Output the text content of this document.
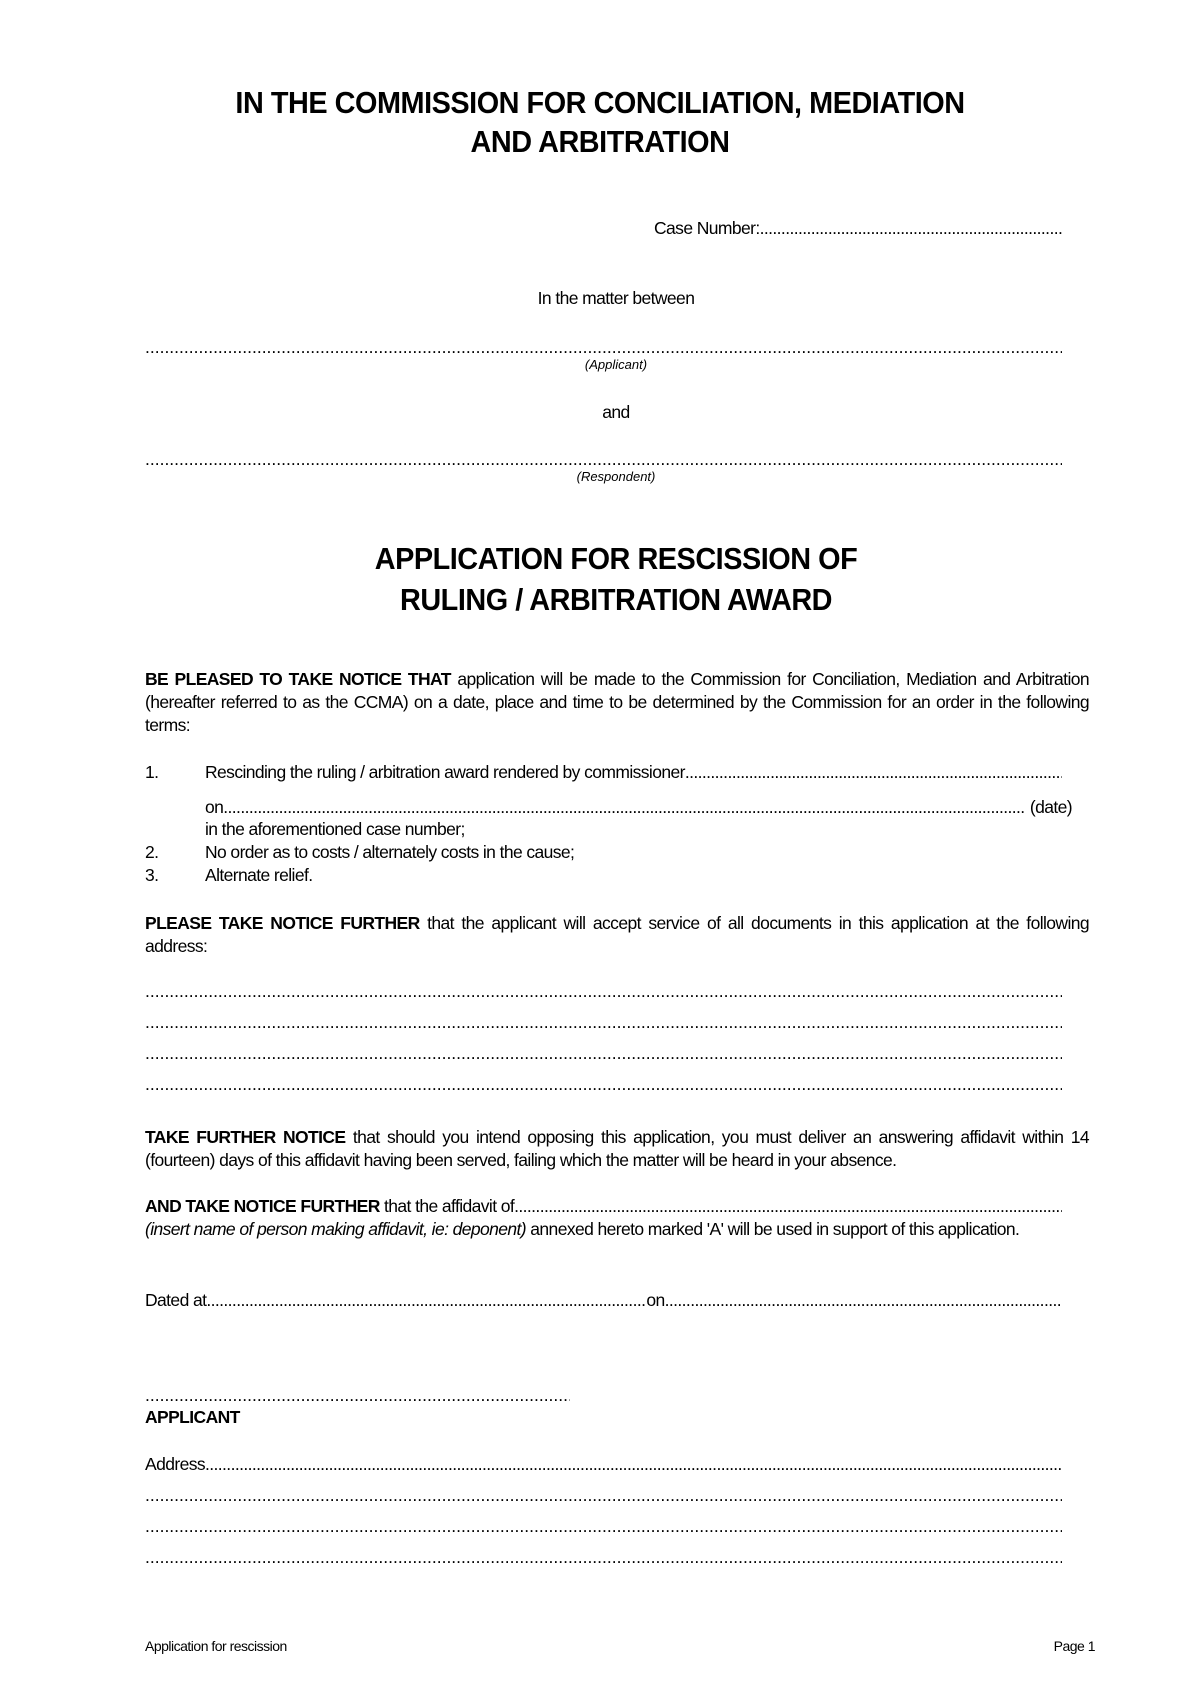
IN THE COMMISSION FOR CONCILIATION, MEDIATION
AND ARBITRATION
Case Number:
.....
In the matter between
.....
(Applicant)
and
.....
(Respondent)
APPLICATION FOR RESCISSION OF
RULING / ARBITRATION AWARD
BE PLEASED TO TAKE NOTICE THAT application will be made to the Commission for Conciliation, Mediation and Arbitration (hereafter referred to as the CCMA) on a date, place and time to be determined by the Commission for an order in the following terms:
1.	Rescinding the ruling / arbitration award rendered by commissioner
.....
on .....	(date)
in the aforementioned case number;
2.	No order as to costs / alternately costs in the cause;
3.	Alternate relief.
PLEASE TAKE NOTICE FURTHER that the applicant will accept service of all documents in this application at the following address:
.....
.....
.....
.....
TAKE FURTHER NOTICE that should you intend opposing this application, you must deliver an answering affidavit within 14 (fourteen) days of this affidavit having been served, failing which the matter will be heard in your absence.
AND TAKE NOTICE FURTHER that the affidavit of
.....
(insert name of person making affidavit, ie: deponent) annexed hereto marked 'A' will be used in support of this application.
Dated at .....	on
.....
.....
APPLICANT
Address
.....
.....
.....
.....
Application for rescission	Page 1
